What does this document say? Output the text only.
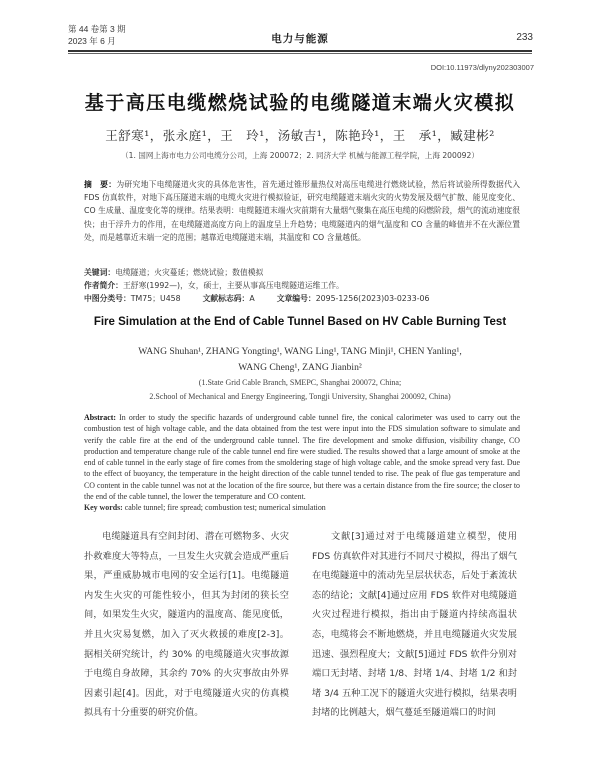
第 44 卷第 3 期
2023 年 6 月	电力与能源	233
DOI:10.11973/dlyny202303007
基于高压电缆燃烧试验的电缆隧道末端火灾模拟
王舒寒¹，张永庭¹，王　玲¹，汤敏吉¹，陈艳玲¹，王　承¹，臧建彬²
（1. 国网上海市电力公司电缆分公司，上海 200072；2. 同济大学 机械与能源工程学院，上海 200092）
摘　要：为研究地下电缆隧道火灾的具体危害性，首先通过锥形量热仪对高压电缆进行燃烧试验，然后将试验所得数据代入 FDS 仿真软件，对地下高压隧道末端的电缆火灾进行模拟验证，研究电缆隧道末端火灾的火势发展及烟气扩散、能见度变化、CO 生成量、温度变化等的规律。结果表明：电缆隧道末端火灾前期有大量烟气聚集在高压电缆的闷燃阶段，烟气的流动速度很快；由于浮升力的作用，在电缆隧道高度方向上的温度呈上升趋势；电缆隧道内的烟气温度和 CO 含量的峰值并不在火源位置处，而是越靠近末端一定的范围；越靠近电缆隧道末端，其温度和 CO 含量越低。
关键词：电缆隧道；火灾蔓延；燃烧试验；数值模拟
作者简介：王舒寒(1992—)，女，硕士，主要从事高压电缆隧道运维工作。
中图分类号：TM75；U458	文献标志码：A	文章编号：2095-1256(2023)03-0233-06
Fire Simulation at the End of Cable Tunnel Based on HV Cable Burning Test
WANG Shuhan¹, ZHANG Yongting¹, WANG Ling¹, TANG Minji¹, CHEN Yanling¹,
WANG Cheng¹, ZANG Jianbin²
(1.State Grid Cable Branch, SMEPC, Shanghai 200072, China;
2.School of Mechanical and Energy Engineering, Tongji University, Shanghai 200092, China)
Abstract: In order to study the specific hazards of underground cable tunnel fire, the conical calorimeter was used to carry out the combustion test of high voltage cable, and the data obtained from the test were input into the FDS simulation software to simulate and verify the cable fire at the end of the underground cable tunnel. The fire development and smoke diffusion, visibility change, CO production and temperature change rule of the cable tunnel end fire were studied. The results showed that a large amount of smoke at the end of cable tunnel in the early stage of fire comes from the smoldering stage of high voltage cable, and the smoke spread very fast. Due to the effect of buoyancy, the temperature in the height direction of the cable tunnel tended to rise. The peak of flue gas temperature and CO content in the cable tunnel was not at the location of the fire source, but there was a certain distance from the fire source; the closer to the end of the cable tunnel, the lower the temperature and CO content.
Key words: cable tunnel; fire spread; combustion test; numerical simulation
电缆隧道具有空间封闭、潜在可燃物多、火灾扑救难度大等特点，一旦发生火灾就会造成严重后果，严重威胁城市电网的安全运行[1]。电缆隧道内发生火灾的可能性较小，但其为封闭的狭长空间，如果发生火灾，隧道内的温度高、能见度低，并且火灾易复燃，加入了灭火救援的难度[2-3]。据相关研究统计，约 30% 的电缆隧道火灾事故源于电缆自身故障，其余约 70% 的火灾事故由外界因素引起[4]。因此，对于电缆隧道火灾的仿真模拟具有十分重要的研究价值。
文献[3]通过对于电缆隧道建立模型，使用 FDS 仿真软件对其进行不同尺寸模拟，得出了烟气在电缆隧道中的流动先呈层状状态，后处于紊流状态的结论；文献[4]通过应用 FDS 软件对电缆隧道火灾过程进行模拟，指出由于隧道内持续高温状态，电缆将会不断地燃烧，并且电缆隧道火灾发展迅速、强烈程度大；文献[5]通过 FDS 软件分别对端口无封堵、封堵 1/8、封堵 1/4、封堵 1/2 和封堵 3/4 五种工况下的隧道火灾进行模拟，结果表明封堵的比例越大，烟气蔓延至隧道端口的时间
